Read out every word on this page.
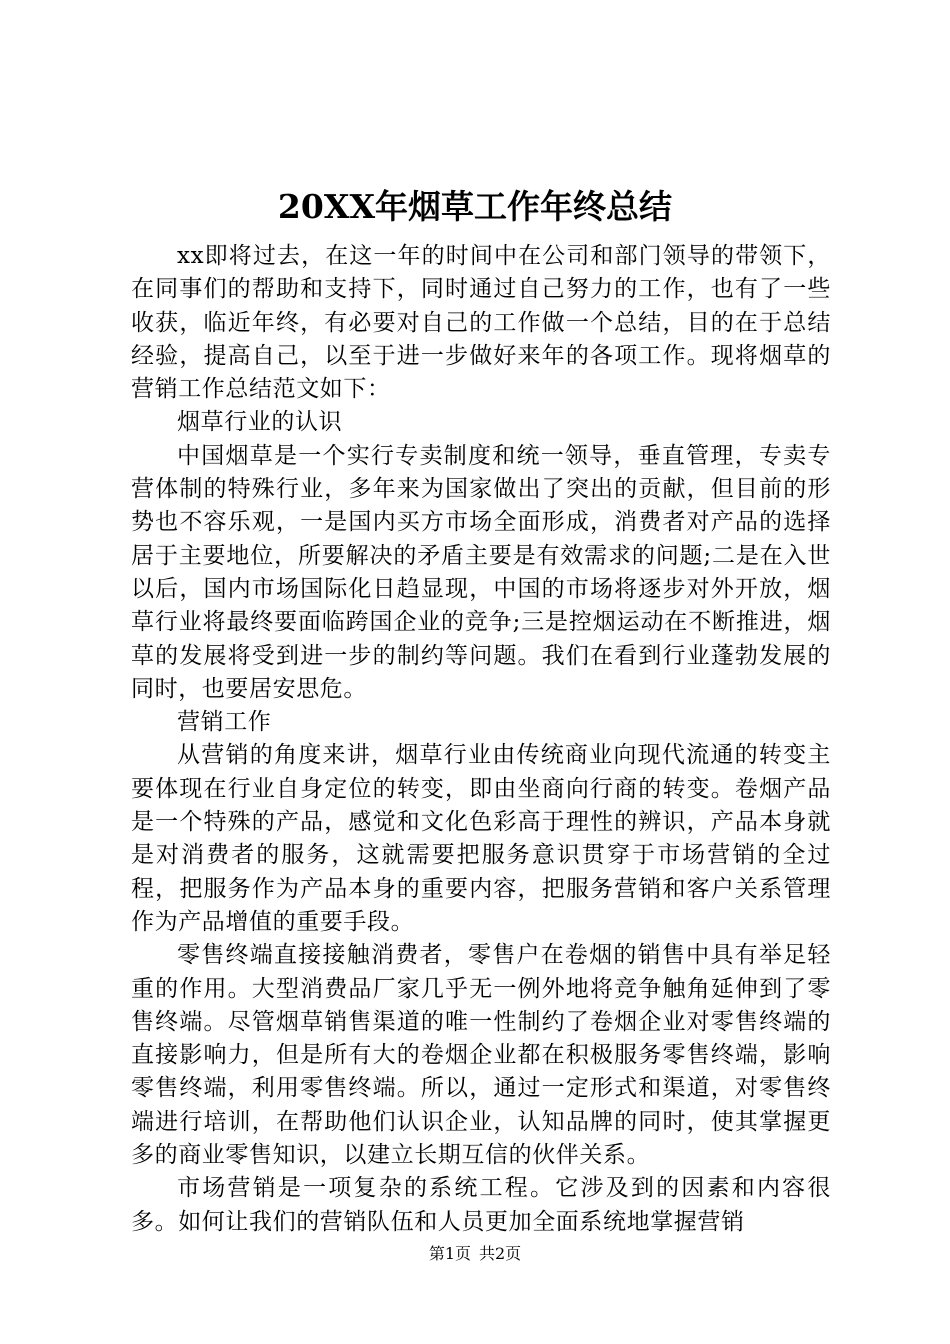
20XX年烟草工作年终总结

xx即将过去，在这一年的时间中在公司和部门领导的带领下，在同事们的帮助和支持下，同时通过自己努力的工作，也有了一些收获，临近年终，有必要对自己的工作做一个总结，目的在于总结经验，提高自己，以至于进一步做好来年的各项工作。现将烟草的营销工作总结范文如下：

烟草行业的认识

中国烟草是一个实行专卖制度和统一领导，垂直管理，专卖专营体制的特殊行业，多年来为国家做出了突出的贡献，但目前的形势也不容乐观，一是国内买方市场全面形成，消费者对产品的选择居于主要地位，所要解决的矛盾主要是有效需求的问题;二是在入世以后，国内市场国际化日趋显现，中国的市场将逐步对外开放，烟草行业将最终要面临跨国企业的竞争;三是控烟运动在不断推进，烟草的发展将受到进一步的制约等问题。我们在看到行业蓬勃发展的同时，也要居安思危。

营销工作

从营销的角度来讲，烟草行业由传统商业向现代流通的转变主要体现在行业自身定位的转变，即由坐商向行商的转变。卷烟产品是一个特殊的产品，感觉和文化色彩高于理性的辨识，产品本身就是对消费者的服务，这就需要把服务意识贯穿于市场营销的全过程，把服务作为产品本身的重要内容，把服务营销和客户关系管理作为产品增值的重要手段。

零售终端直接接触消费者，零售户在卷烟的销售中具有举足轻重的作用。大型消费品厂家几乎无一例外地将竞争触角延伸到了零售终端。尽管烟草销售渠道的唯一性制约了卷烟企业对零售终端的直接影响力，但是所有大的卷烟企业都在积极服务零售终端，影响零售终端，利用零售终端。所以，通过一定形式和渠道，对零售终端进行培训，在帮助他们认识企业，认知品牌的同时，使其掌握更多的商业零售知识，以建立长期互信的伙伴关系。

市场营销是一项复杂的系统工程。它涉及到的因素和内容很多。如何让我们的营销队伍和人员更加全面系统地掌握营销

第1页 共2页
